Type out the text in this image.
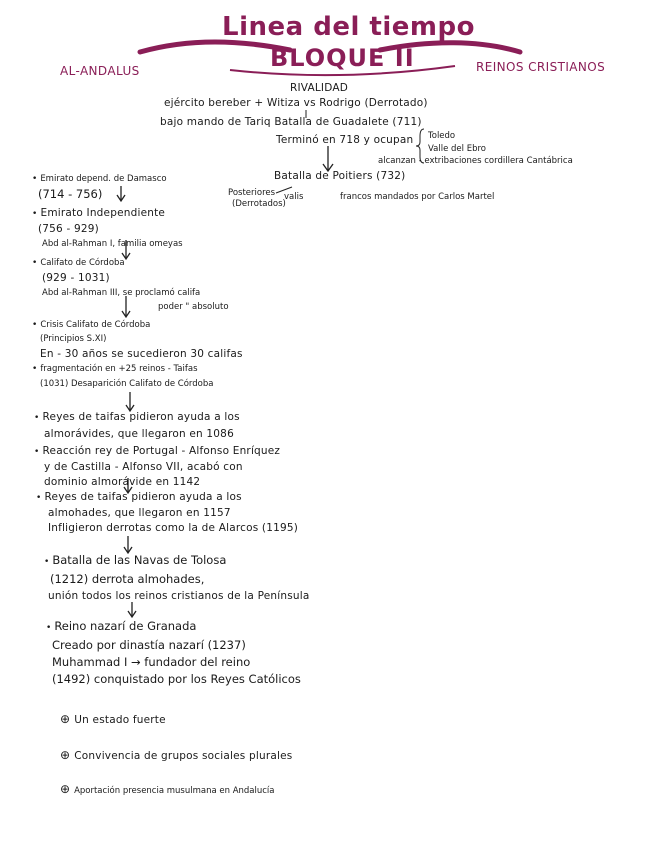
Linea del tiempo
BLOQUE II
AL-ANDALUS	REINOS CRISTIANOS
RIVALIDAD
ejército bereber + Witiza vs Rodrigo (Derrotado)
bajo mando de Tariq Batalla de Guadalete (711)
Terminó en 718 y ocupan Toledo
Valle del Ebro
alcanzan - extribaciones cordillera Cantábrica
Batalla de Poitiers (732)
Posteriores
(Derrotados)
valis	francos mandados por Carlos Martel
• Emirato depend. de Damasco
(714 - 756)
• Emirato Independiente
(756 - 929)
Abd al-Rahman I, familia omeyas
• Califato de Córdoba
(929 - 1031)
Abd al-Rahman III, se proclamó califa
poder " absoluto
• Crisis Califato de Córdoba
(Principios S.XI)
En - 30 años se sucedieron 30 califas
• fragmentación en +25 reinos - Taifas
(1031) Desaparición Califato de Córdoba
• Reyes de taifas pidieron ayuda a los
almorávides, que llegaron en 1086
• Reacción rey de Portugal - Alfonso Enríquez
y de Castilla - Alfonso VII, acabó con
dominio almorávide en 1142
• Reyes de taifas pidieron ayuda a los
almohades, que llegaron en 1157
Infligieron derrotas como la de Alarcos (1195)
• Batalla de las Navas de Tolosa
(1212) derrota almohades,
unión todos los reinos cristianos de la Península
• Reino nazarí de Granada
Creado por dinastía nazarí (1237)
Muhammad I → fundador del reino
(1492) conquistado por los Reyes Católicos
⊕ Un estado fuerte
⊕ Convivencia de grupos sociales plurales
⊕ Aportación presencia musulmana en Andalucía
